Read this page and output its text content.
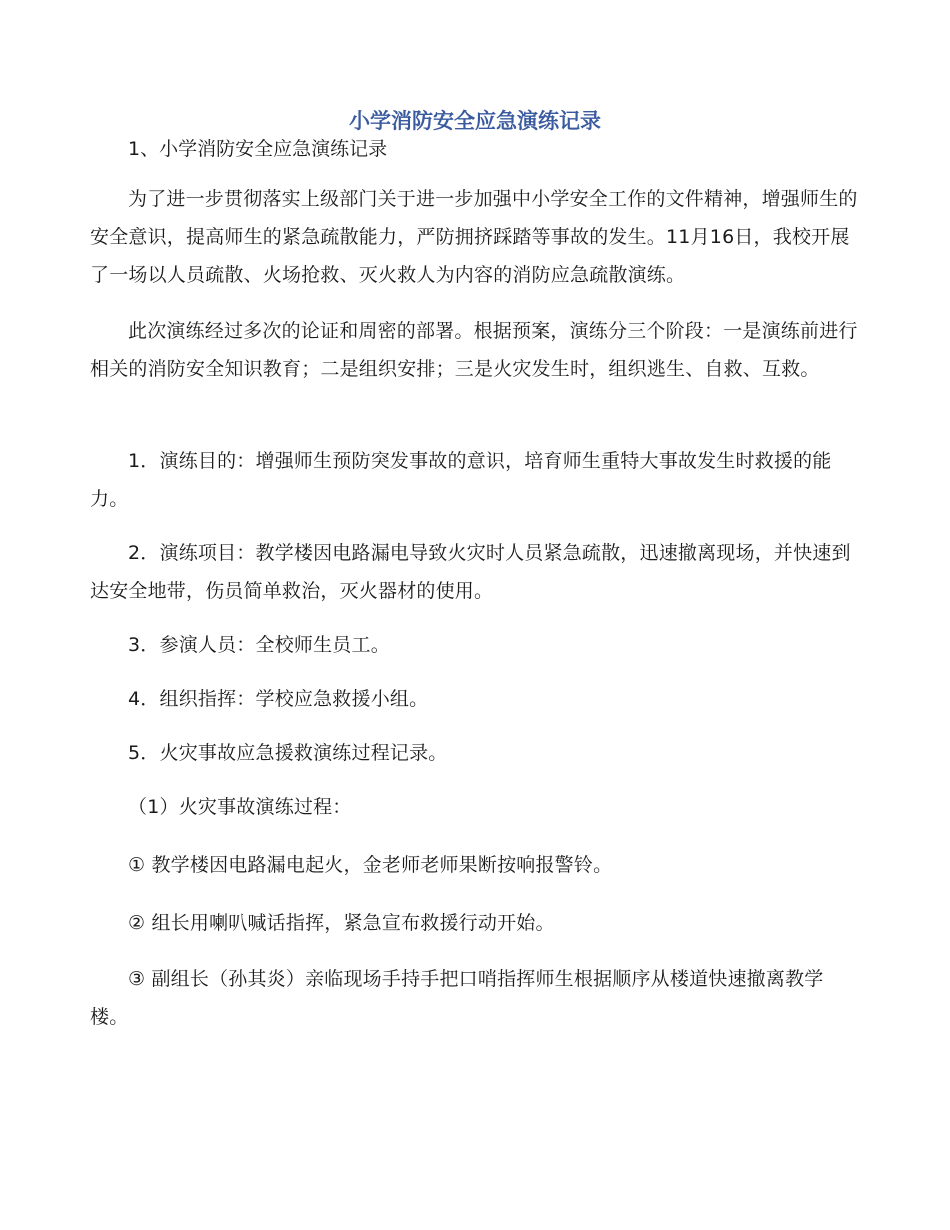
小学消防安全应急演练记录
1、小学消防安全应急演练记录

为了进一步贯彻落实上级部门关于进一步加强中小学安全工作的文件精神，增强师生的安全意识，提高师生的紧急疏散能力，严防拥挤踩踏等事故的发生。11月16日，我校开展了一场以人员疏散、火场抢救、灭火救人为内容的消防应急疏散演练。

此次演练经过多次的论证和周密的部署。根据预案，演练分三个阶段：一是演练前进行相关的消防安全知识教育；二是组织安排；三是火灾发生时，组织逃生、自救、互救。

1．演练目的：增强师生预防突发事故的意识，培育师生重特大事故发生时救援的能力。

2．演练项目：教学楼因电路漏电导致火灾时人员紧急疏散，迅速撤离现场，并快速到达安全地带，伤员简单救治，灭火器材的使用。

3．参演人员：全校师生员工。

4．组织指挥：学校应急救援小组。

5．火灾事故应急援救演练过程记录。

（1）火灾事故演练过程：

① 教学楼因电路漏电起火，金老师老师果断按响报警铃。

② 组长用喇叭喊话指挥，紧急宣布救援行动开始。

③ 副组长（孙其炎）亲临现场手持手把口哨指挥师生根据顺序从楼道快速撤离教学楼。
